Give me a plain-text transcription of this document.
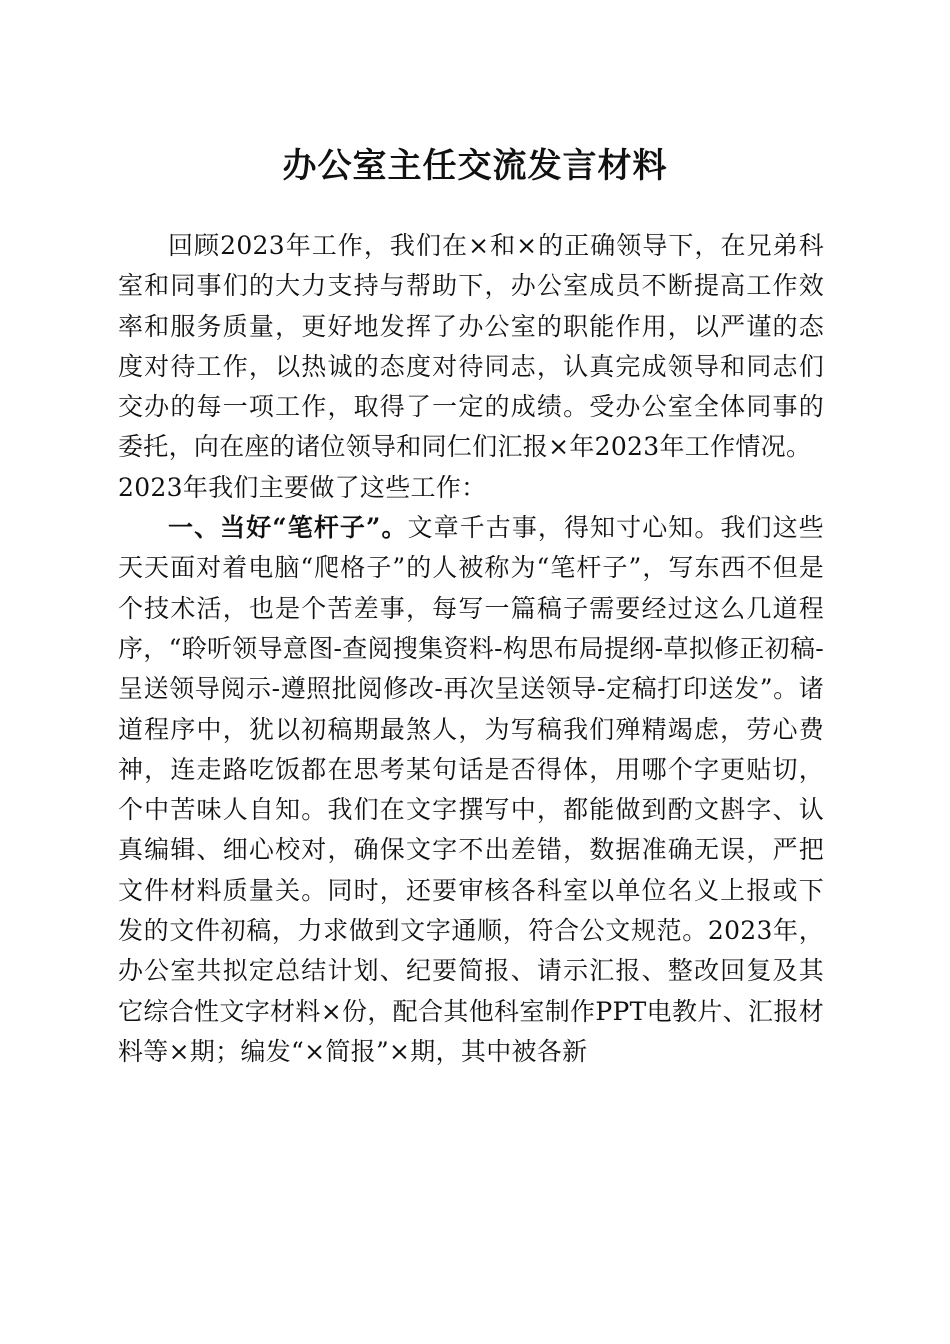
办公室主任交流发言材料

回顾2023年工作，我们在×和×的正确领导下，在兄弟科室和同事们的大力支持与帮助下，办公室成员不断提高工作效率和服务质量，更好地发挥了办公室的职能作用，以严谨的态度对待工作，以热诚的态度对待同志，认真完成领导和同志们交办的每一项工作，取得了一定的成绩。受办公室全体同事的委托，向在座的诸位领导和同仁们汇报×年2023年工作情况。

2023年我们主要做了这些工作：

一、当好“笔杆子”。文章千古事，得知寸心知。我们这些天天面对着电脑“爬格子”的人被称为“笔杆子”，写东西不但是个技术活，也是个苦差事，每写一篇稿子需要经过这么几道程序，“聆听领导意图-查阅搜集资料-构思布局提纲-草拟修正初稿-呈送领导阅示-遵照批阅修改-再次呈送领导-定稿打印送发”。诸道程序中，犹以初稿期最煞人，为写稿我们殚精竭虑，劳心费神，连走路吃饭都在思考某句话是否得体，用哪个字更贴切，个中苦味人自知。我们在文字撰写中，都能做到酌文斟字、认真编辑、细心校对，确保文字不出差错，数据准确无误，严把文件材料质量关。同时，还要审核各科室以单位名义上报或下发的文件初稿，力求做到文字通顺，符合公文规范。2023年，办公室共拟定总结计划、纪要简报、请示汇报、整改回复及其它综合性文字材料×份，配合其他科室制作PPT电教片、汇报材料等×期；编发“×简报”×期，其中被各新
